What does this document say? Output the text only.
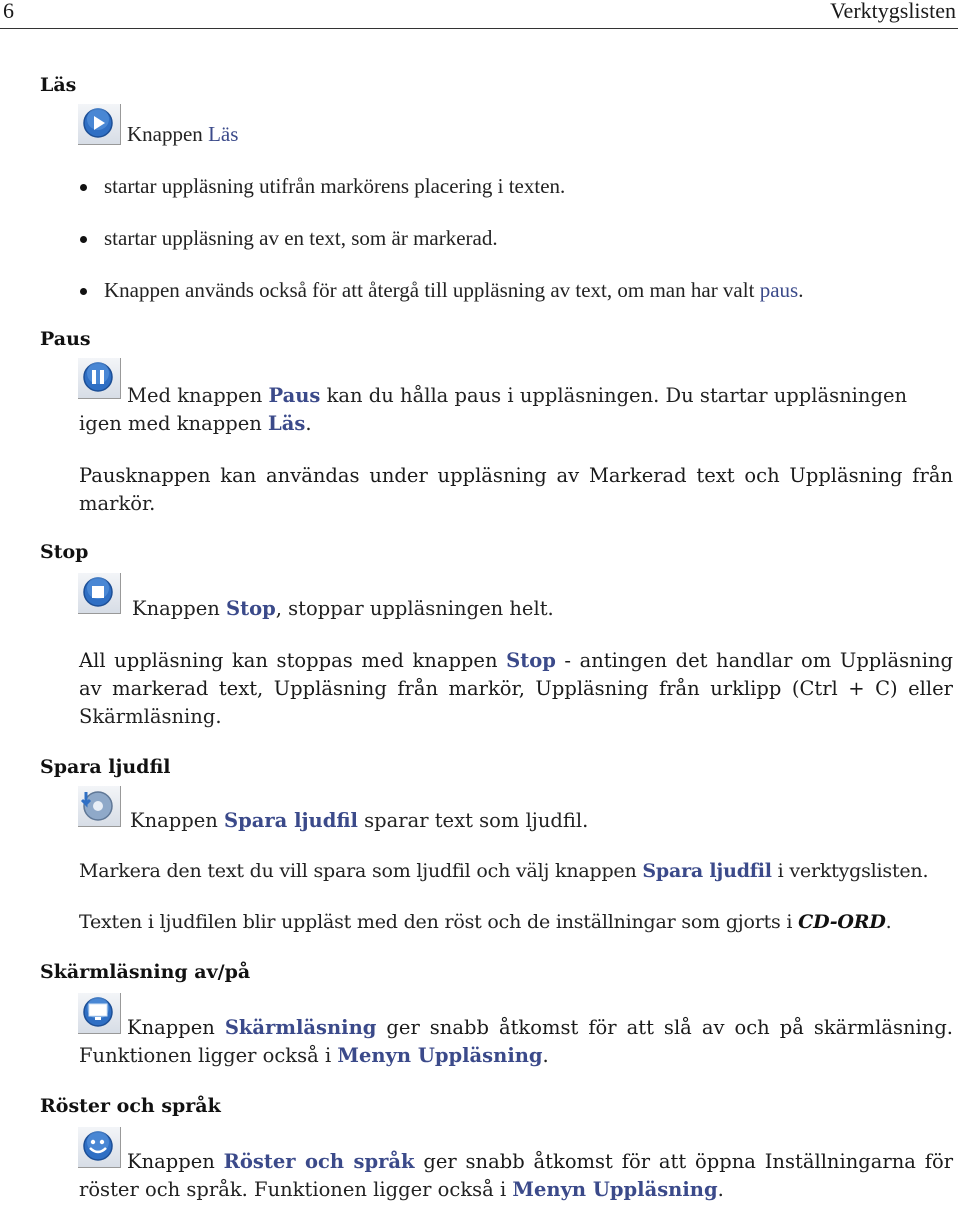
6	Verktygslisten
Läs
Knappen Läs
startar uppläsning utifrån markörens placering i texten.
startar uppläsning av en text, som är markerad.
Knappen används också för att återgå till uppläsning av text, om man har valt paus.
Paus
Med knappen Paus kan du hålla paus i uppläsningen. Du startar uppläsningen
igen med knappen Läs.
Pausknappen kan användas under uppläsning av Markerad text och Uppläsning från
markör.
Stop
Knappen Stop, stoppar uppläsningen helt.
All uppläsning kan stoppas med knappen Stop - antingen det handlar om Uppläsning
av markerad text, Uppläsning från markör, Uppläsning från urklipp (Ctrl + C) eller
Skärmläsning.
Spara ljudfil
Knappen Spara ljudfil sparar text som ljudfil.
Markera den text du vill spara som ljudfil och välj knappen Spara ljudfil i verktygslisten.
Texten i ljudfilen blir uppläst med den röst och de inställningar som gjorts i CD-ORD.
Skärmläsning av/på
Knappen Skärmläsning ger snabb åtkomst för att slå av och på skärmläsning.
Funktionen ligger också i Menyn Uppläsning.
Röster och språk
Knappen Röster och språk ger snabb åtkomst för att öppna Inställningarna för
röster och språk. Funktionen ligger också i Menyn Uppläsning.
